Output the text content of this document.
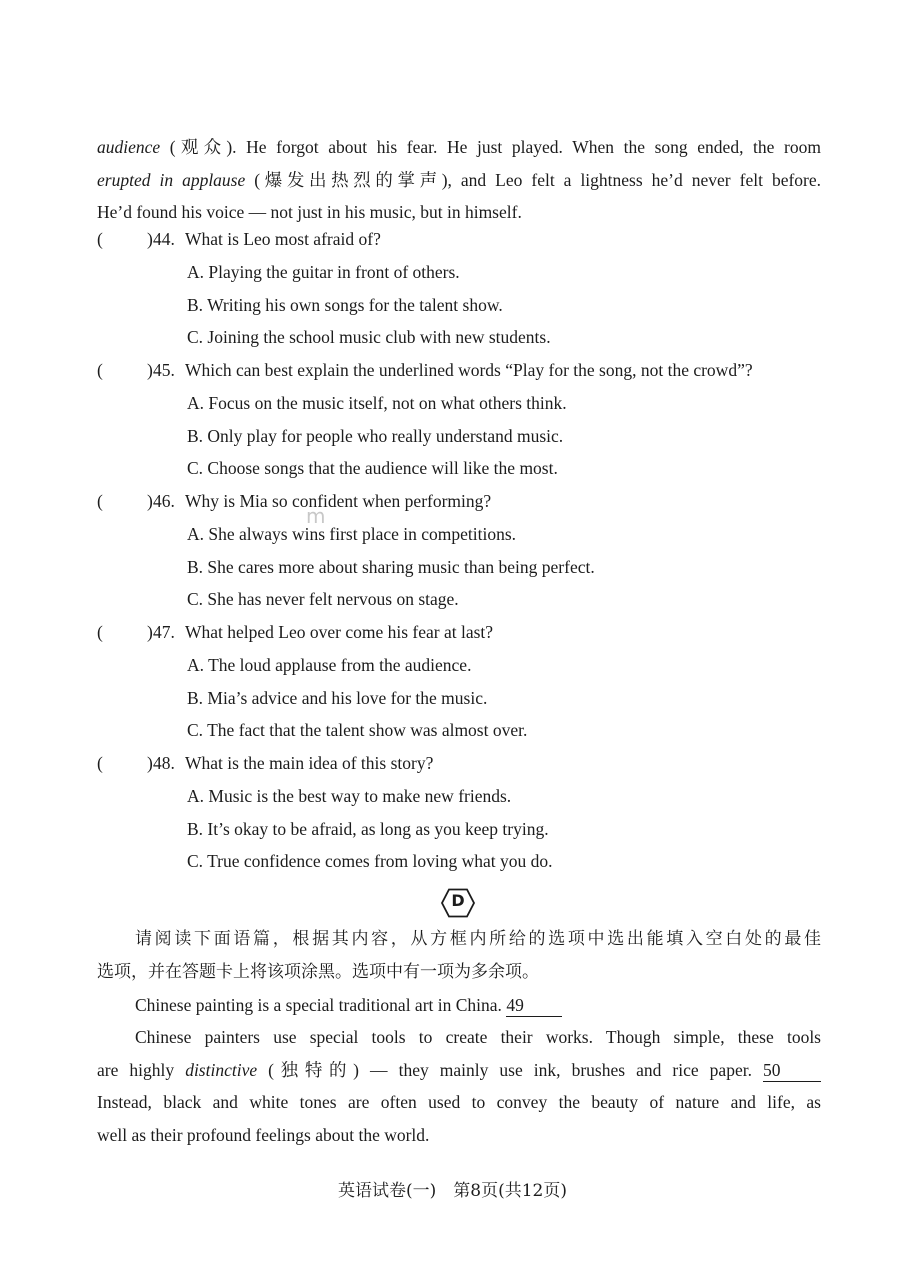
audience (观众). He forgot about his fear. He just played. When the song ended, the room
erupted in applause (爆发出热烈的掌声), and Leo felt a lightness he’d never felt before.
He’d found his voice — not just in his music, but in himself.
(	) 44. What is Leo most afraid of?
A. Playing the guitar in front of others.
B. Writing his own songs for the talent show.
C. Joining the school music club with new students.
(	) 45. Which can best explain the underlined words “Play for the song, not the crowd”?
A. Focus on the music itself, not on what others think.
B. Only play for people who really understand music.
C. Choose songs that the audience will like the most.
(	) 46. Why is Mia so confident when performing?
A. She always wins first place in competitions.
B. She cares more about sharing music than being perfect.
C. She has never felt nervous on stage.
(	) 47. What helped Leo over come his fear at last?
A. The loud applause from the audience.
B. Mia’s advice and his love for the music.
C. The fact that the talent show was almost over.
(	) 48. What is the main idea of this story?
A. Music is the best way to make new friends.
B. It’s okay to be afraid, as long as you keep trying.
C. True confidence comes from loving what you do.
D
请阅读下面语篇，根据其内容，从方框内所给的选项中选出能填入空白处的最佳
选项，并在答题卡上将该项涂黑。选项中有一项为多余项。
Chinese painting is a special traditional art in China. 49
Chinese painters use special tools to create their works. Though simple, these tools
are highly distinctive (独特的) — they mainly use ink, brushes and rice paper. 50
Instead, black and white tones are often used to convey the beauty of nature and life, as
well as their profound feelings about the world.
英语试卷(一)　第8页(共12页)
m
